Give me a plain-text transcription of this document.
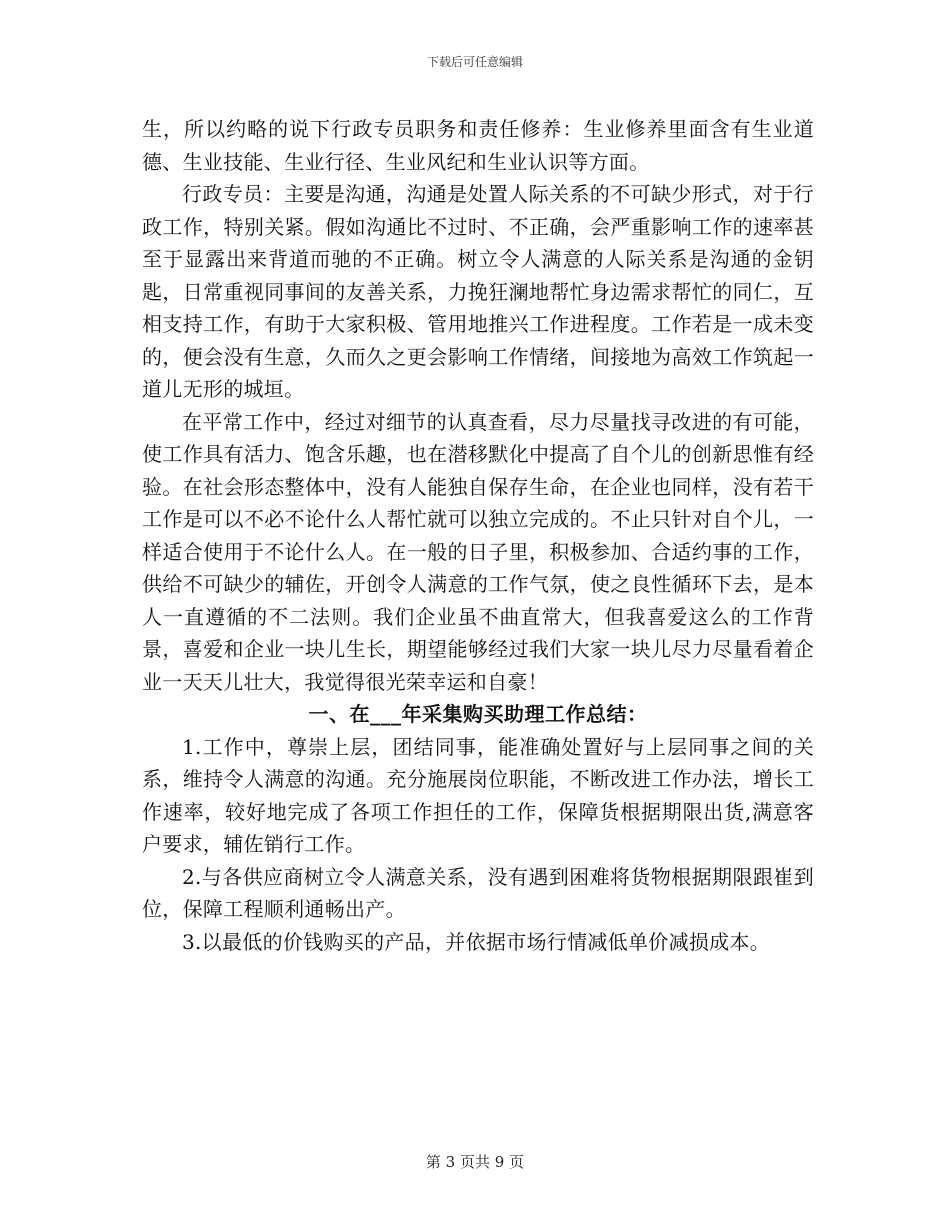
下载后可任意编辑

生，所以约略的说下行政专员职务和责任修养：生业修养里面含有生业道德、生业技能、生业行径、生业风纪和生业认识等方面。

行政专员：主要是沟通，沟通是处置人际关系的不可缺少形式，对于行政工作，特别关紧。假如沟通比不过时、不正确，会严重影响工作的速率甚至于显露出来背道而驰的不正确。树立令人满意的人际关系是沟通的金钥匙，日常重视同事间的友善关系，力挽狂澜地帮忙身边需求帮忙的同仁，互相支持工作，有助于大家积极、管用地推兴工作进程度。工作若是一成未变的，便会没有生意，久而久之更会影响工作情绪，间接地为高效工作筑起一道儿无形的城垣。

在平常工作中，经过对细节的认真查看，尽力尽量找寻改进的有可能，使工作具有活力、饱含乐趣，也在潜移默化中提高了自个儿的创新思惟有经验。在社会形态整体中，没有人能独自保存生命，在企业也同样，没有若干工作是可以不必不论什么人帮忙就可以独立完成的。不止只针对自个儿，一样适合使用于不论什么人。在一般的日子里，积极参加、合适约事的工作，供给不可缺少的辅佐，开创令人满意的工作气氛，使之良性循环下去，是本人一直遵循的不二法则。我们企业虽不曲直常大，但我喜爱这么的工作背景，喜爱和企业一块儿生长，期望能够经过我们大家一块儿尽力尽量看着企业一天天儿壮大，我觉得很光荣幸运和自豪！

一、在___年采集购买助理工作总结：

1.工作中，尊崇上层，团结同事，能准确处置好与上层同事之间的关系，维持令人满意的沟通。充分施展岗位职能，不断改进工作办法，增长工作速率，较好地完成了各项工作担任的工作，保障货根据期限出货,满意客户要求，辅佐销行工作。

2.与各供应商树立令人满意关系，没有遇到困难将货物根据期限跟崔到位，保障工程顺利通畅出产。

3.以最低的价钱购买的产品，并依据市场行情减低单价减损成本。

第 3 页共 9 页
